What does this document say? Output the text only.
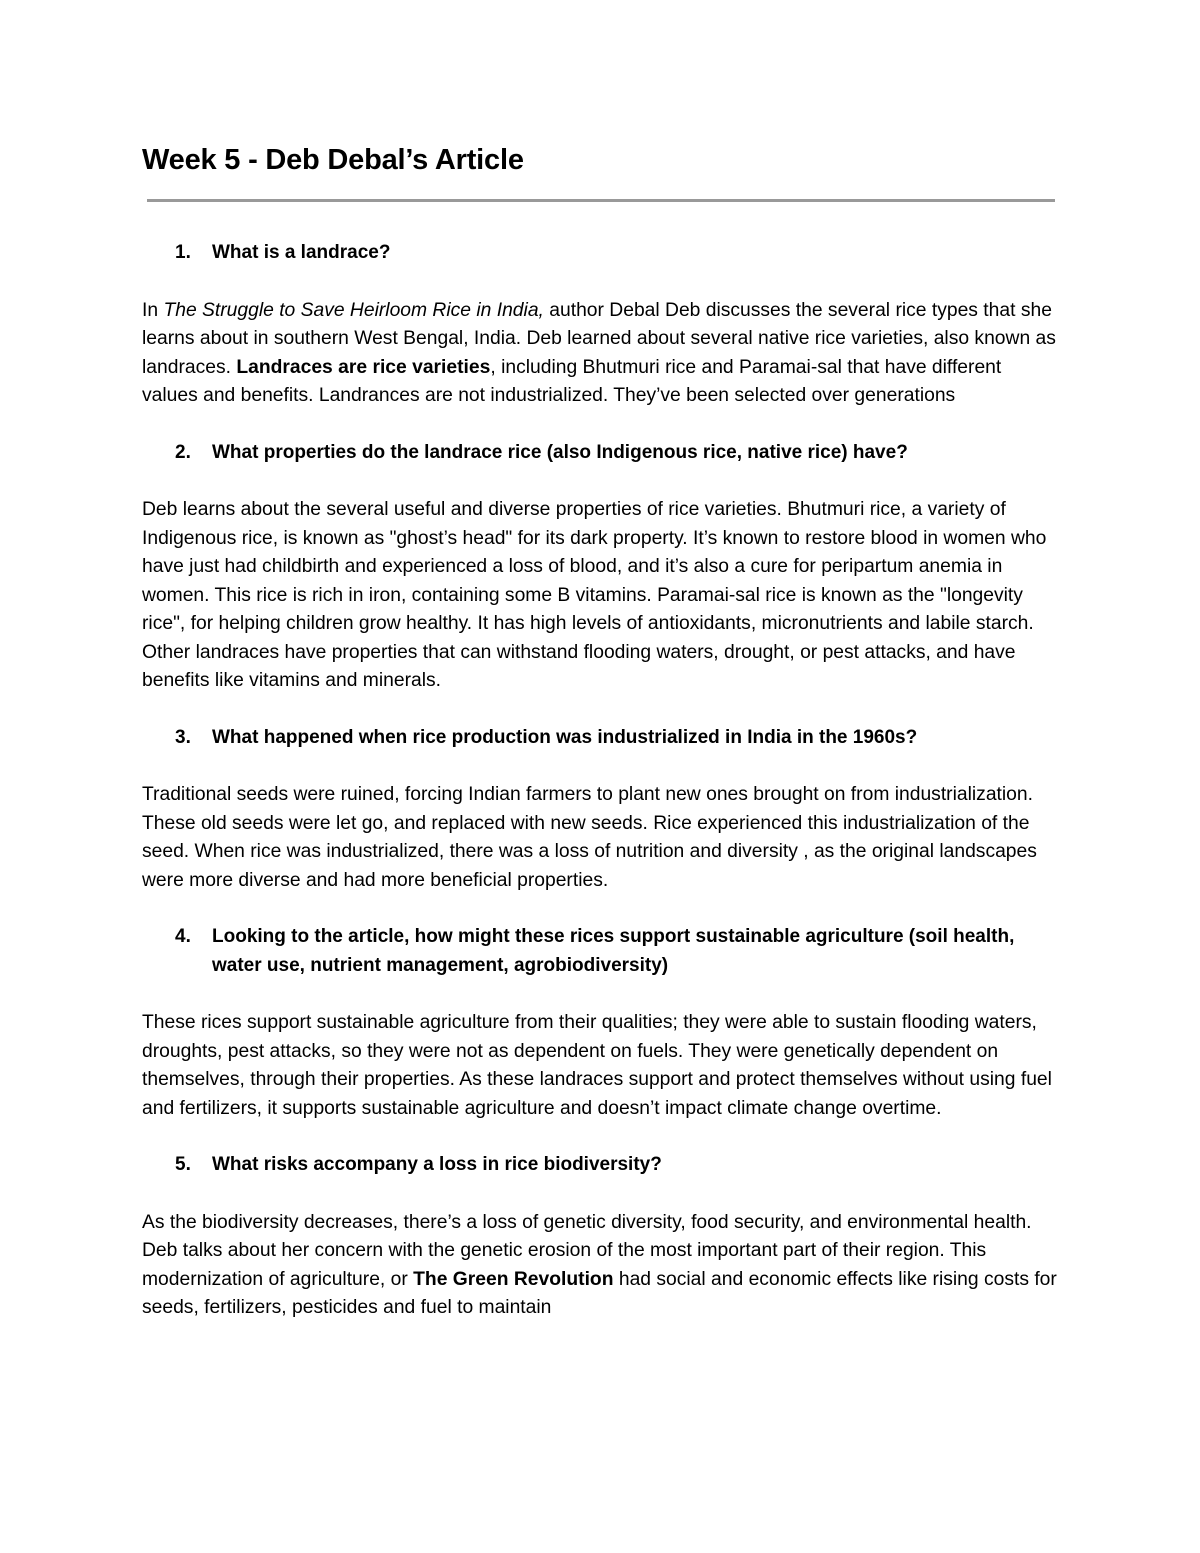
Week 5 - Deb Debal’s Article
1.	What is a landrace?

In The Struggle to Save Heirloom Rice in India, author Debal Deb discusses the several rice types that she learns about in southern West Bengal, India. Deb learned about several native rice varieties, also known as landraces. Landraces are rice varieties, including Bhutmuri rice and Paramai-sal that have different values and benefits. Landrances are not industrialized. They’ve been selected over generations

2.	What properties do the landrace rice (also Indigenous rice, native rice) have?

Deb learns about the several useful and diverse properties of rice varieties. Bhutmuri rice, a variety of Indigenous rice, is known as "ghost’s head" for its dark property. It’s known to restore blood in women who have just had childbirth and experienced a loss of blood, and it’s also a cure for peripartum anemia in women. This rice is rich in iron, containing some B vitamins. Paramai-sal rice is known as the "longevity rice", for helping children grow healthy. It has high levels of antioxidants, micronutrients and labile starch. Other landraces have properties that can withstand flooding waters, drought, or pest attacks, and have benefits like vitamins and minerals.

3.	What happened when rice production was industrialized in India in the 1960s?

Traditional seeds were ruined, forcing Indian farmers to plant new ones brought on from industrialization. These old seeds were let go, and replaced with new seeds. Rice experienced this industrialization of the seed. When rice was industrialized, there was a loss of nutrition and diversity , as the original landscapes were more diverse and had more beneficial properties.

4.	Looking to the article, how might these rices support sustainable agriculture (soil health, water use, nutrient management, agrobiodiversity)

These rices support sustainable agriculture from their qualities; they were able to sustain flooding waters, droughts, pest attacks, so they were not as dependent on fuels. They were genetically dependent on themselves, through their properties. As these landraces support and protect themselves without using fuel and fertilizers, it supports sustainable agriculture and doesn’t impact climate change overtime.

5.	What risks accompany a loss in rice biodiversity?

As the biodiversity decreases, there’s a loss of genetic diversity, food security, and environmental health. Deb talks about her concern with the genetic erosion of the most important part of their region. This modernization of agriculture, or The Green Revolution had social and economic effects like rising costs for seeds, fertilizers, pesticides and fuel to maintain
